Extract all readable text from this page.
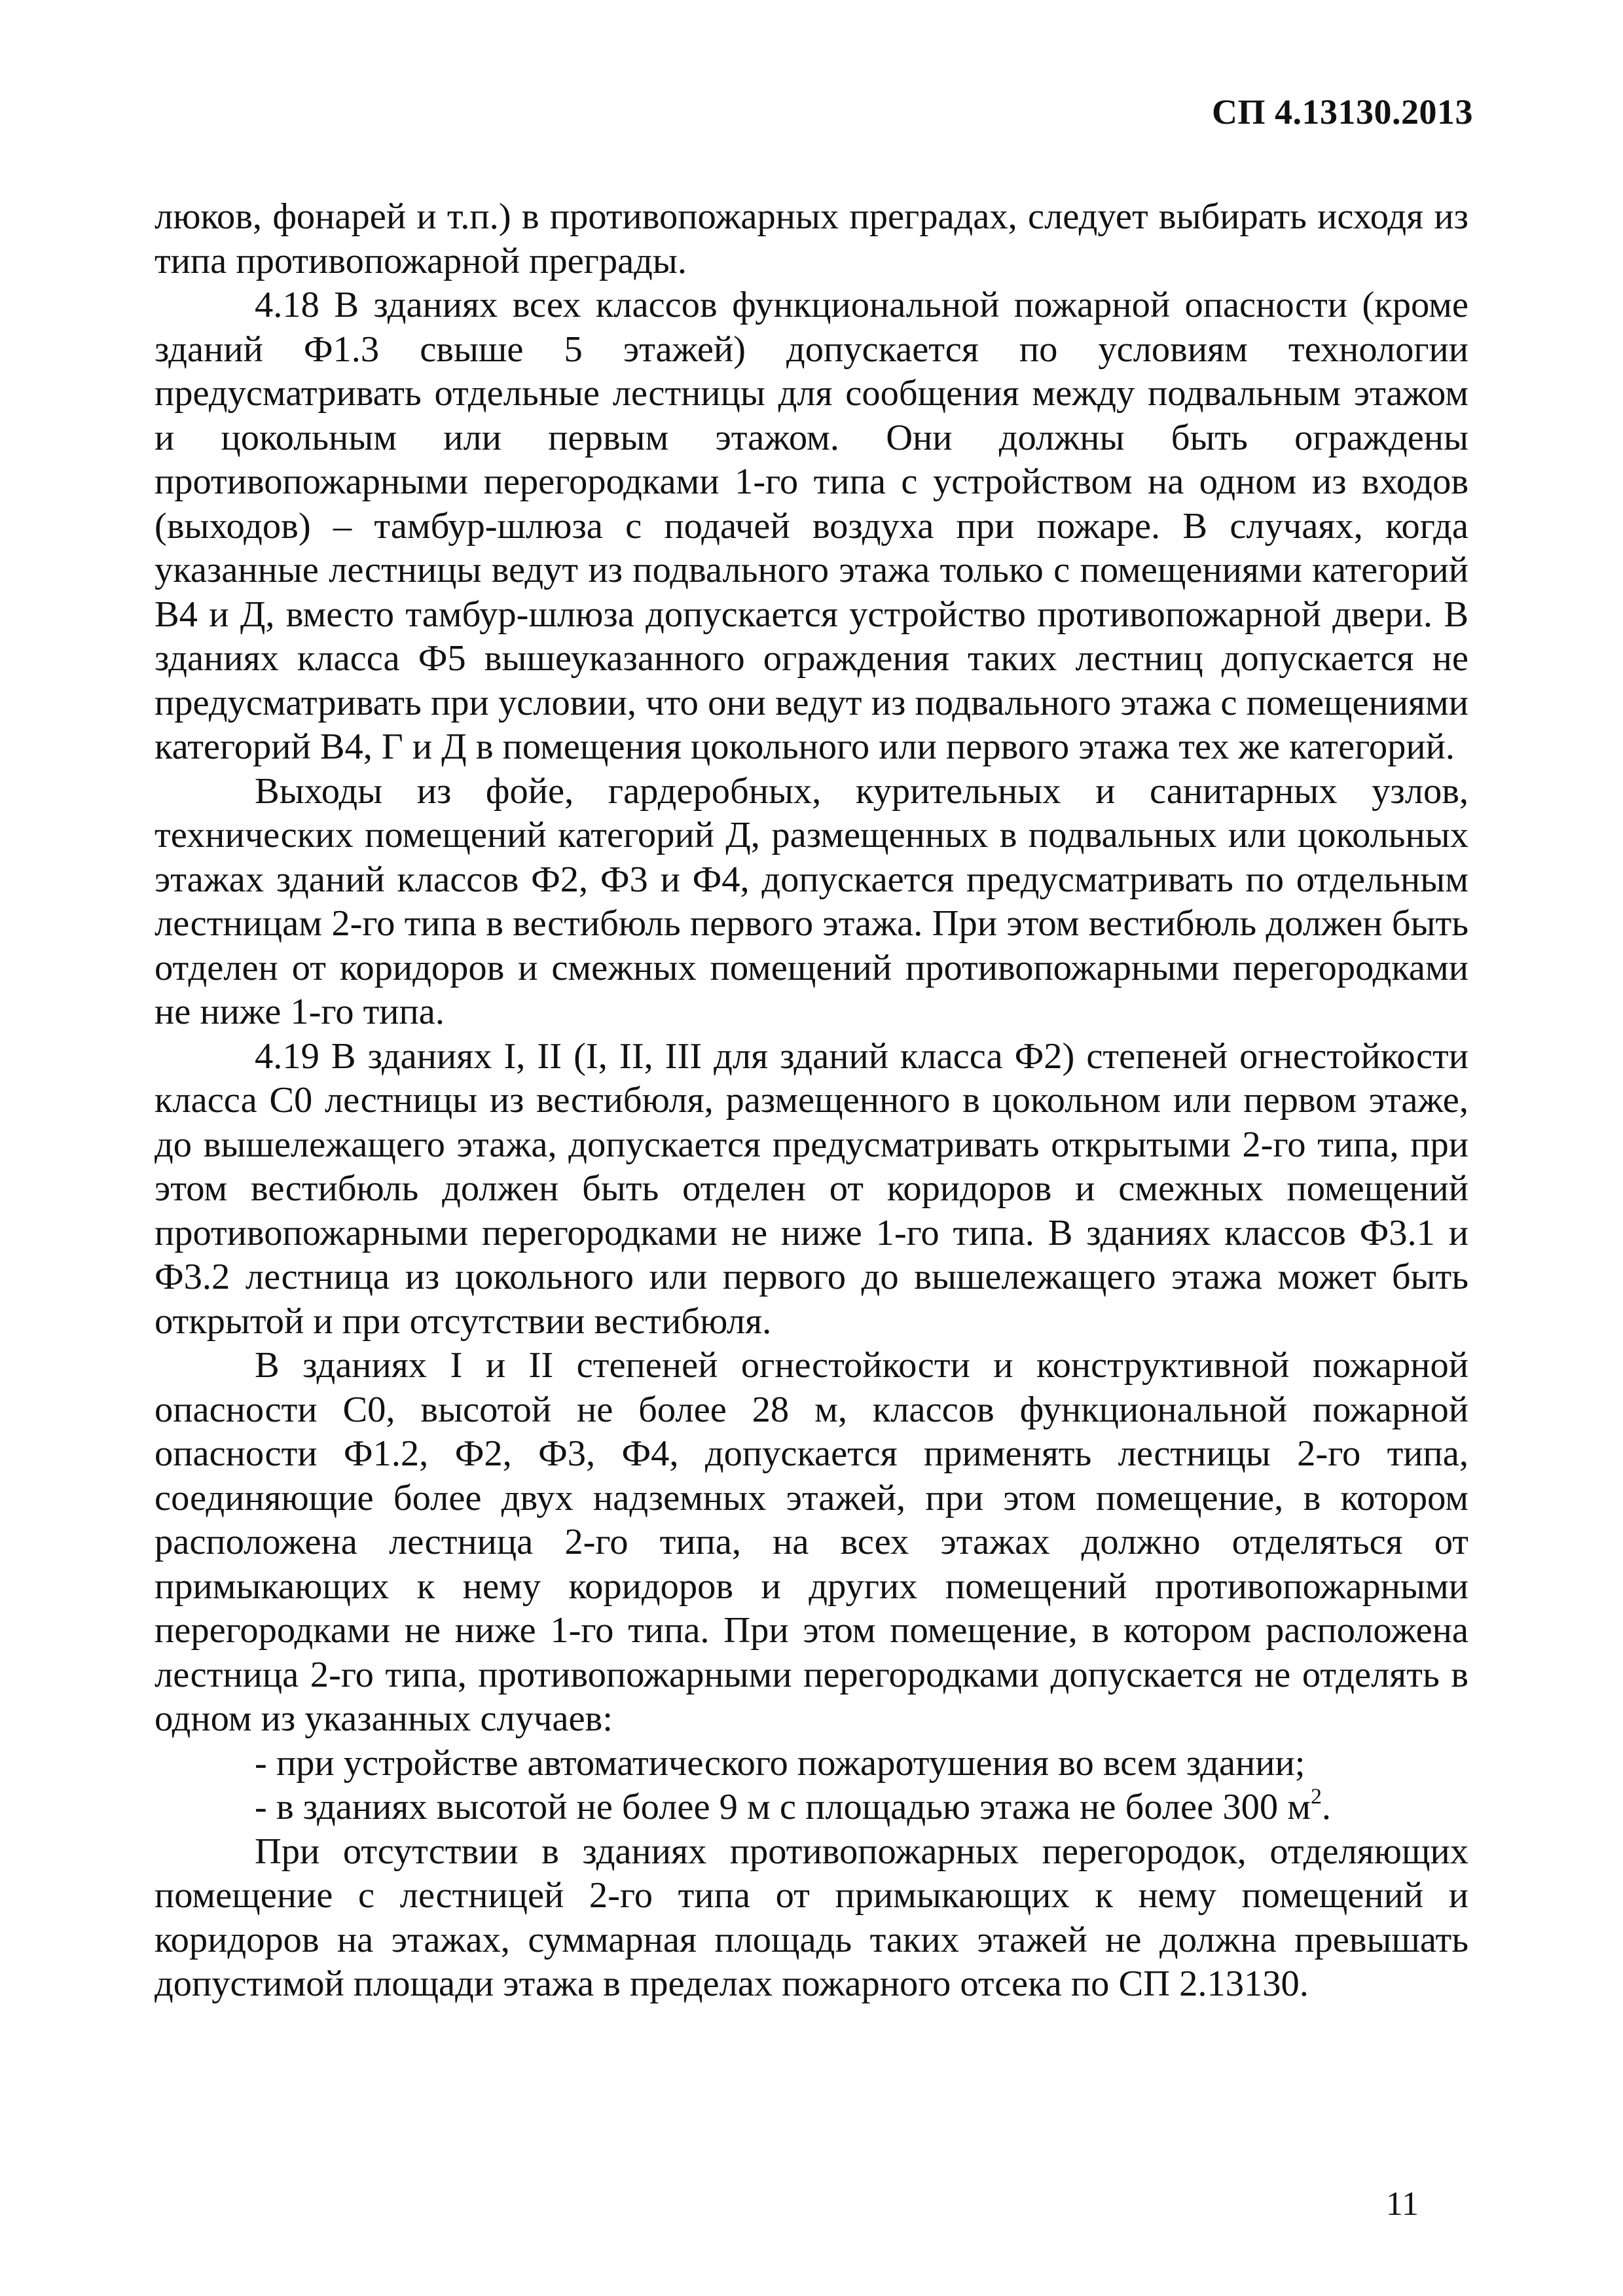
СП 4.13130.2013

люков, фонарей и т.п.) в противопожарных преградах, следует выбирать исходя из типа противопожарной преграды.

4.18 В зданиях всех классов функциональной пожарной опасности (кроме зданий Ф1.3 свыше 5 этажей) допускается по условиям технологии предусматривать отдельные лестницы для сообщения между подвальным этажом и цокольным или первым этажом. Они должны быть ограждены противопожарными перегородками 1-го типа с устройством на одном из входов (выходов) – тамбур-шлюза с подачей воздуха при пожаре. В случаях, когда указанные лестницы ведут из подвального этажа только с помещениями категорий В4 и Д, вместо тамбур-шлюза допускается устройство противопожарной двери. В зданиях класса Ф5 вышеуказанного ограждения таких лестниц допускается не предусматривать при условии, что они ведут из подвального этажа с помещениями категорий В4, Г и Д в помещения цокольного или первого этажа тех же категорий.

Выходы из фойе, гардеробных, курительных и санитарных узлов, технических помещений категорий Д, размещенных в подвальных или цокольных этажах зданий классов Ф2, Ф3 и Ф4, допускается предусматривать по отдельным лестницам 2-го типа в вестибюль первого этажа. При этом вестибюль должен быть отделен от коридоров и смежных помещений противопожарными перегородками не ниже 1-го типа.

4.19 В зданиях I, II (I, II, III для зданий класса Ф2) степеней огнестойкости класса С0 лестницы из вестибюля, размещенного в цокольном или первом этаже, до вышележащего этажа, допускается предусматривать открытыми 2-го типа, при этом вестибюль должен быть отделен от коридоров и смежных помещений противопожарными перегородками не ниже 1-го типа. В зданиях классов Ф3.1 и Ф3.2 лестница из цокольного или первого до вышележащего этажа может быть открытой и при отсутствии вестибюля.

В зданиях I и II степеней огнестойкости и конструктивной пожарной опасности С0, высотой не более 28 м, классов функциональной пожарной опасности Ф1.2, Ф2, Ф3, Ф4, допускается применять лестницы 2-го типа, соединяющие более двух надземных этажей, при этом помещение, в котором расположена лестница 2-го типа, на всех этажах должно отделяться от примыкающих к нему коридоров и других помещений противопожарными перегородками не ниже 1-го типа. При этом помещение, в котором расположена лестница 2-го типа, противопожарными перегородками допускается не отделять в одном из указанных случаев:

- при устройстве автоматического пожаротушения во всем здании;

- в зданиях высотой не более 9 м с площадью этажа не более 300 $м^2$.

При отсутствии в зданиях противопожарных перегородок, отделяющих помещение с лестницей 2-го типа от примыкающих к нему помещений и коридоров на этажах, суммарная площадь таких этажей не должна превышать допустимой площади этажа в пределах пожарного отсека по СП 2.13130.

11
